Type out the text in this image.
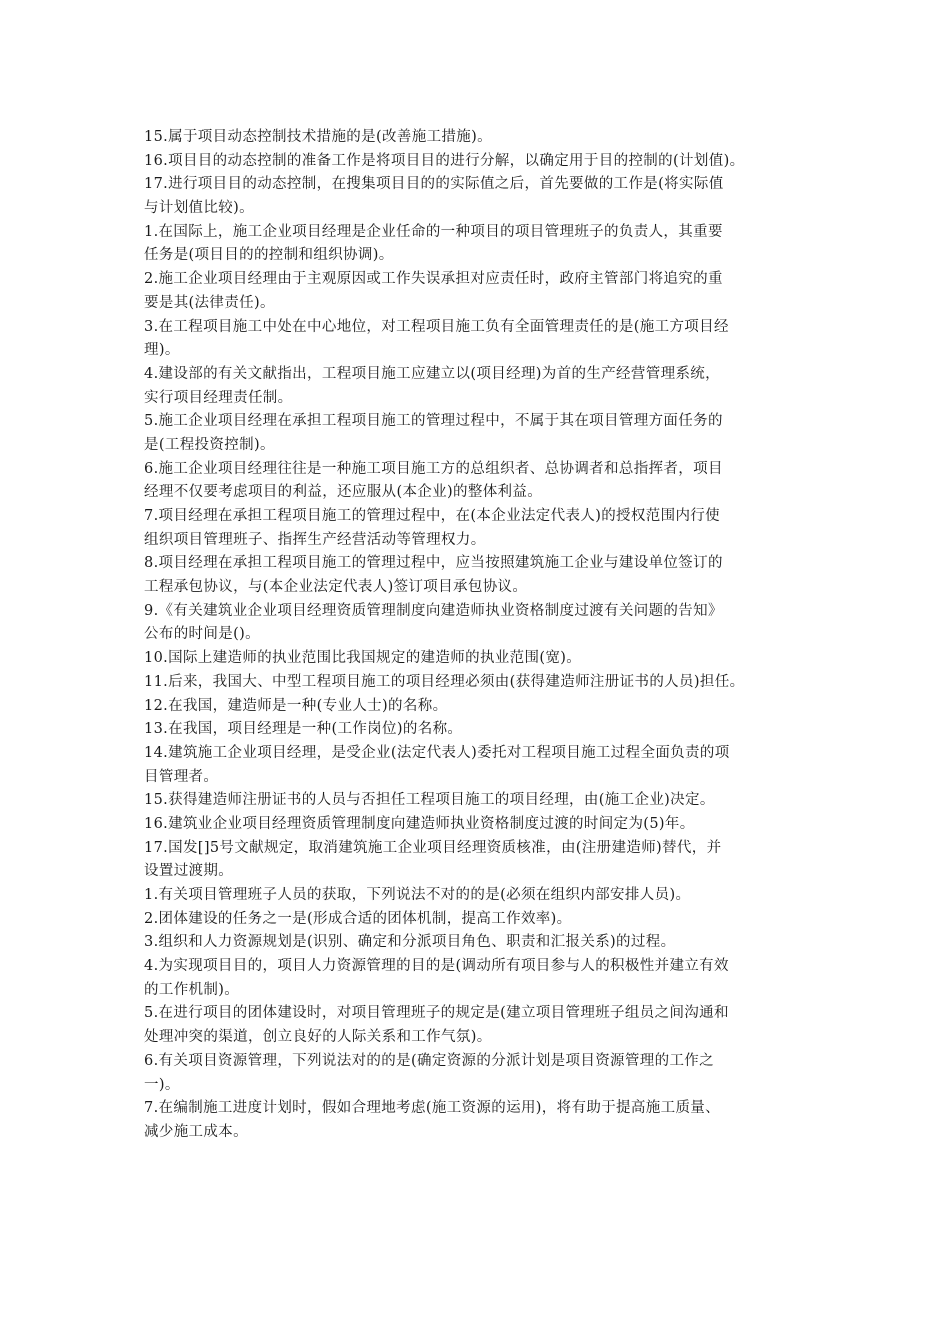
15.属于项目动态控制技术措施的是(改善施工措施)。
16.项目目的动态控制的准备工作是将项目目的进行分解，以确定用于目的控制的(计划值)。
17.进行项目目的动态控制，在搜集项目目的的实际值之后，首先要做的工作是(将实际值
与计划值比较)。
1.在国际上，施工企业项目经理是企业任命的一种项目的项目管理班子的负责人，其重要
任务是(项目目的的控制和组织协调)。
2.施工企业项目经理由于主观原因或工作失误承担对应责任时，政府主管部门将追究的重
要是其(法律责任)。
3.在工程项目施工中处在中心地位，对工程项目施工负有全面管理责任的是(施工方项目经
理)。
4.建设部的有关文献指出，工程项目施工应建立以(项目经理)为首的生产经营管理系统，
实行项目经理责任制。
5.施工企业项目经理在承担工程项目施工的管理过程中，不属于其在项目管理方面任务的
是(工程投资控制)。
6.施工企业项目经理往往是一种施工项目施工方的总组织者、总协调者和总指挥者，项目
经理不仅要考虑项目的利益，还应服从(本企业)的整体利益。
7.项目经理在承担工程项目施工的管理过程中，在(本企业法定代表人)的授权范围内行使
组织项目管理班子、指挥生产经营活动等管理权力。
8.项目经理在承担工程项目施工的管理过程中，应当按照建筑施工企业与建设单位签订的
工程承包协议，与(本企业法定代表人)签订项目承包协议。
9.《有关建筑业企业项目经理资质管理制度向建造师执业资格制度过渡有关问题的告知》
公布的时间是()。
10.国际上建造师的执业范围比我国规定的建造师的执业范围(宽)。
11.后来，我国大、中型工程项目施工的项目经理必须由(获得建造师注册证书的人员)担任。
12.在我国，建造师是一种(专业人士)的名称。
13.在我国，项目经理是一种(工作岗位)的名称。
14.建筑施工企业项目经理，是受企业(法定代表人)委托对工程项目施工过程全面负责的项
目管理者。
15.获得建造师注册证书的人员与否担任工程项目施工的项目经理，由(施工企业)决定。
16.建筑业企业项目经理资质管理制度向建造师执业资格制度过渡的时间定为(5)年。
17.国发[]5号文献规定，取消建筑施工企业项目经理资质核准，由(注册建造师)替代，并
设置过渡期。
1.有关项目管理班子人员的获取，下列说法不对的的是(必须在组织内部安排人员)。
2.团体建设的任务之一是(形成合适的团体机制，提高工作效率)。
3.组织和人力资源规划是(识别、确定和分派项目角色、职责和汇报关系)的过程。
4.为实现项目目的，项目人力资源管理的目的是(调动所有项目参与人的积极性并建立有效
的工作机制)。
5.在进行项目的团体建设时，对项目管理班子的规定是(建立项目管理班子组员之间沟通和
处理冲突的渠道，创立良好的人际关系和工作气氛)。
6.有关项目资源管理，下列说法对的的是(确定资源的分派计划是项目资源管理的工作之
一)。
7.在编制施工进度计划时，假如合理地考虑(施工资源的运用)，将有助于提高施工质量、
减少施工成本。
